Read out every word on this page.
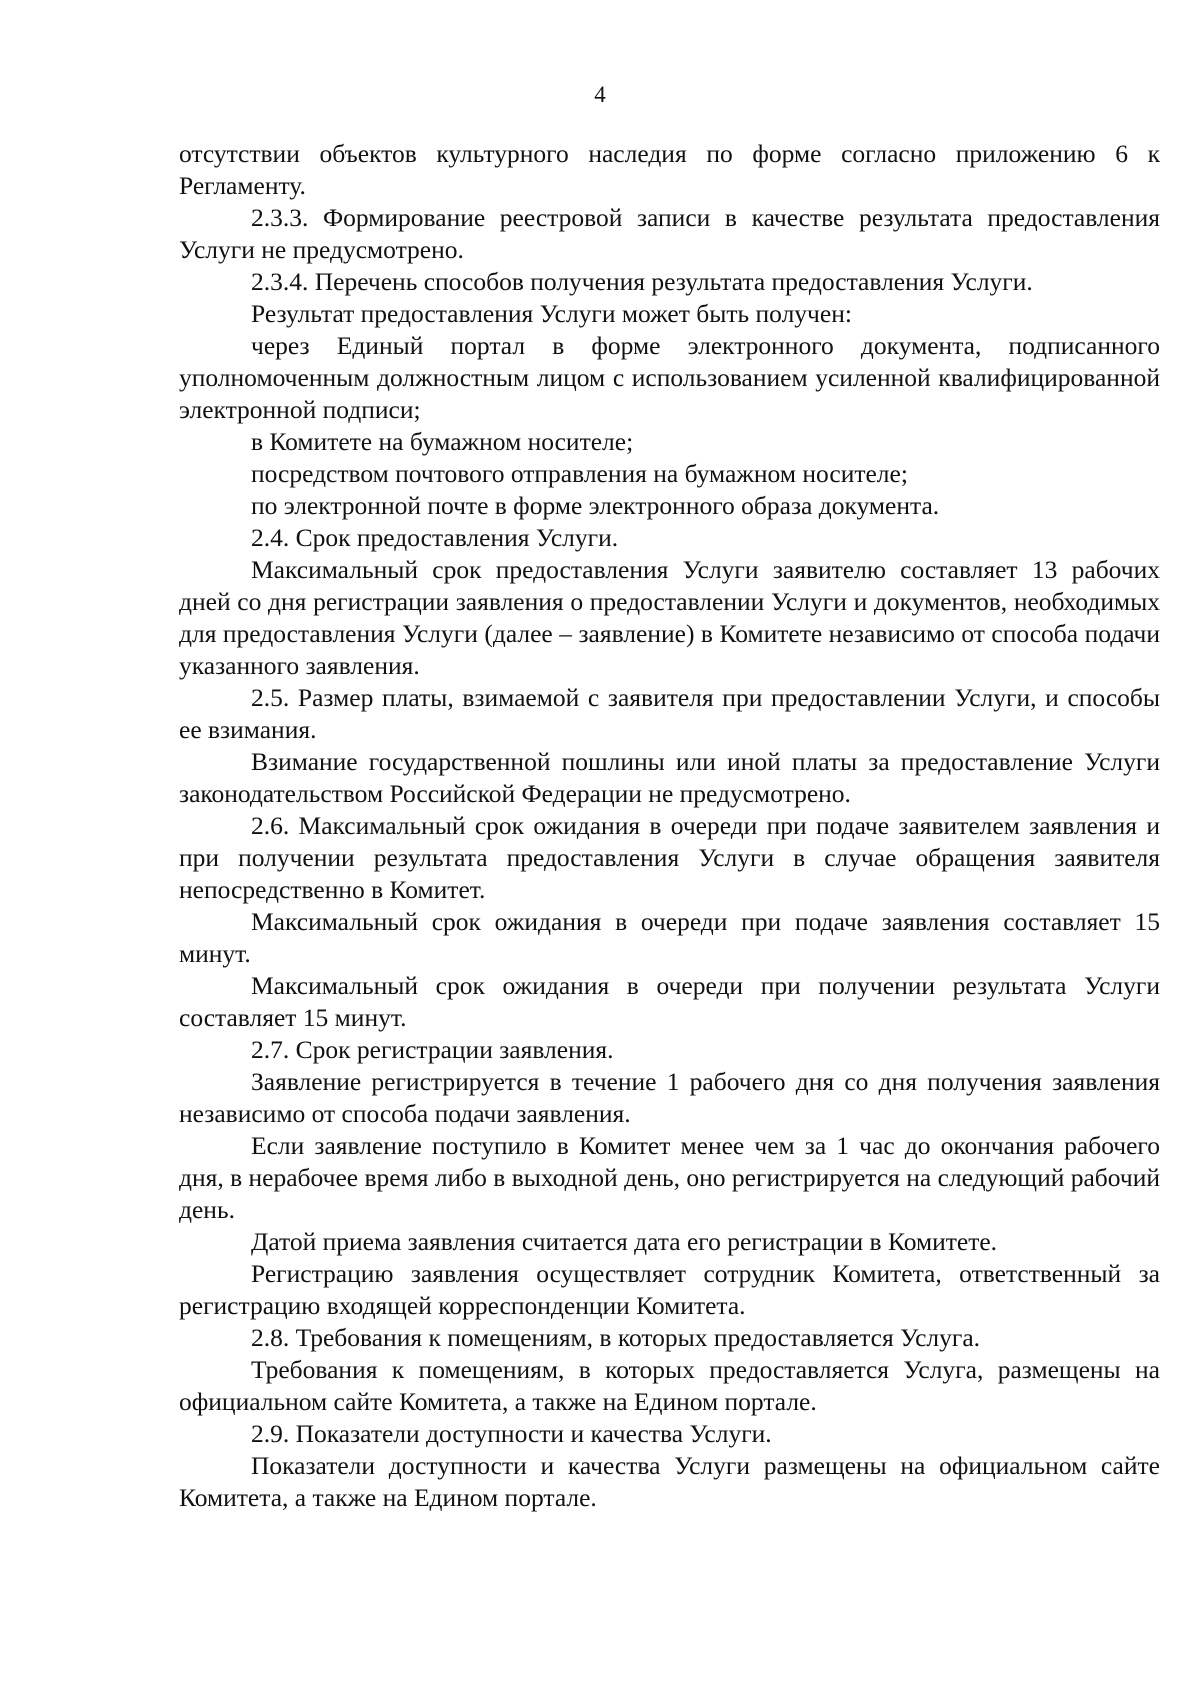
4

отсутствии объектов культурного наследия по форме согласно приложению 6 к Регламенту.

2.3.3. Формирование реестровой записи в качестве результата предоставления Услуги не предусмотрено.

2.3.4. Перечень способов получения результата предоставления Услуги.

Результат предоставления Услуги может быть получен:

через Единый портал в форме электронного документа, подписанного уполномоченным должностным лицом с использованием усиленной квалифицированной электронной подписи;

в Комитете на бумажном носителе;

посредством почтового отправления на бумажном носителе;

по электронной почте в форме электронного образа документа.

2.4. Срок предоставления Услуги.

Максимальный срок предоставления Услуги заявителю составляет 13 рабочих дней со дня регистрации заявления о предоставлении Услуги и документов, необходимых для предоставления Услуги (далее – заявление) в Комитете независимо от способа подачи указанного заявления.

2.5. Размер платы, взимаемой с заявителя при предоставлении Услуги, и способы ее взимания.

Взимание государственной пошлины или иной платы за предоставление Услуги законодательством Российской Федерации не предусмотрено.

2.6. Максимальный срок ожидания в очереди при подаче заявителем заявления и при получении результата предоставления Услуги в случае обращения заявителя непосредственно в Комитет.

Максимальный срок ожидания в очереди при подаче заявления составляет 15 минут.

Максимальный срок ожидания в очереди при получении результата Услуги составляет 15 минут.

2.7. Срок регистрации заявления.

Заявление регистрируется в течение 1 рабочего дня со дня получения заявления независимо от способа подачи заявления.

Если заявление поступило в Комитет менее чем за 1 час до окончания рабочего дня, в нерабочее время либо в выходной день, оно регистрируется на следующий рабочий день.

Датой приема заявления считается дата его регистрации в Комитете.

Регистрацию заявления осуществляет сотрудник Комитета, ответственный за регистрацию входящей корреспонденции Комитета.

2.8. Требования к помещениям, в которых предоставляется Услуга.

Требования к помещениям, в которых предоставляется Услуга, размещены на официальном сайте Комитета, а также на Едином портале.

2.9. Показатели доступности и качества Услуги.

Показатели доступности и качества Услуги размещены на официальном сайте Комитета, а также на Едином портале.
